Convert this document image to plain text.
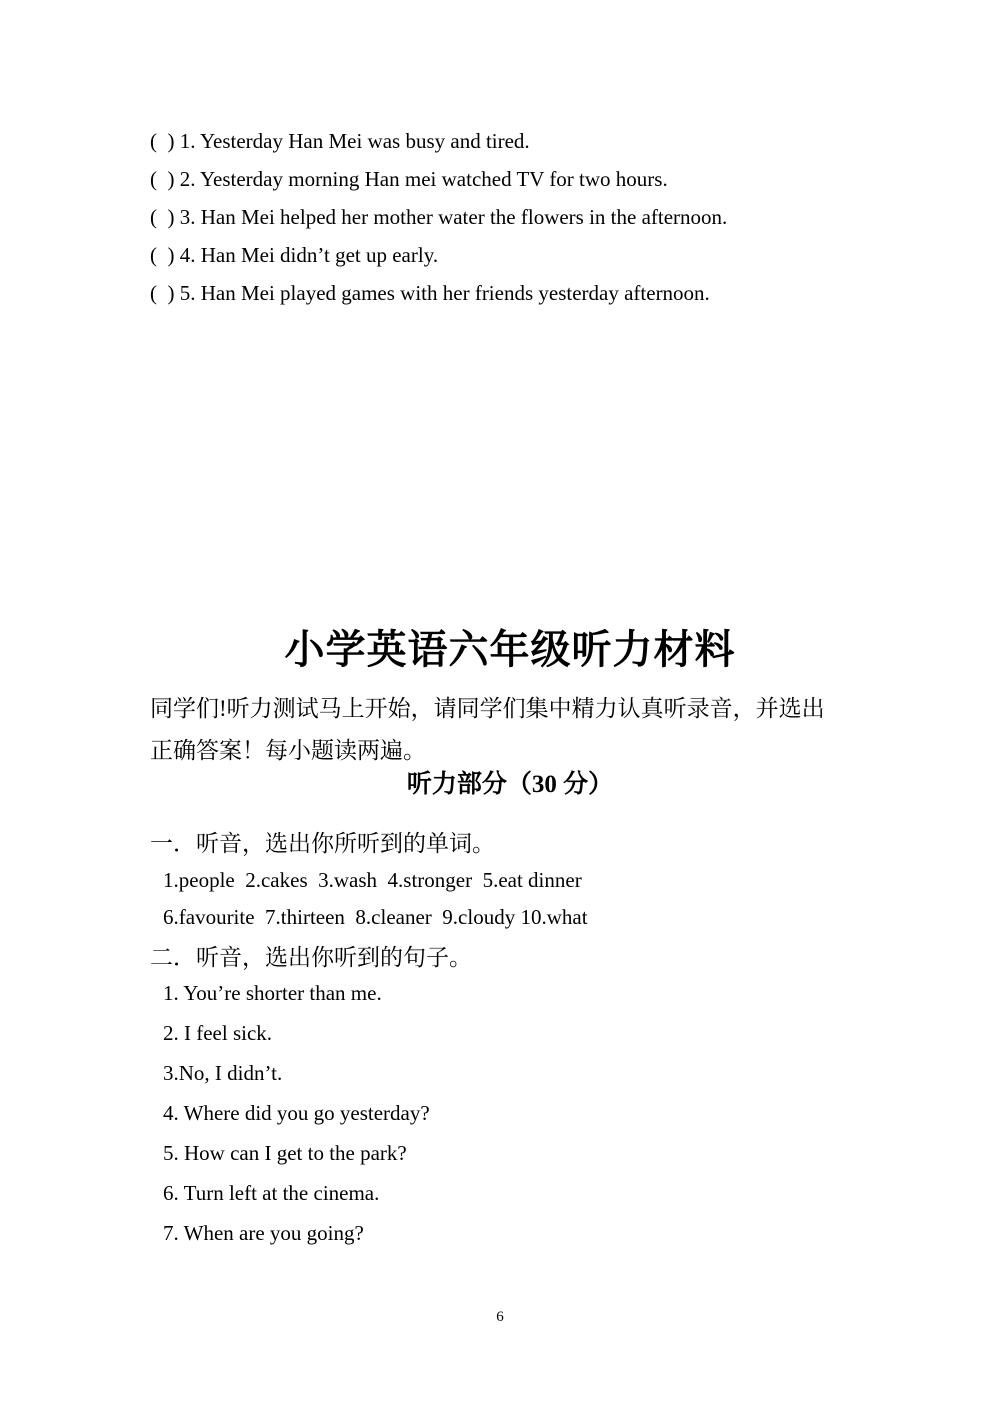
(  ) 1. Yesterday Han Mei was busy and tired.
(  ) 2. Yesterday morning Han mei watched TV for two hours.
(  ) 3. Han Mei helped her mother water the flowers in the afternoon.
(  ) 4. Han Mei didn’t get up early.
(  ) 5. Han Mei played games with her friends yesterday afternoon.
小学英语六年级听力材料
同学们!听力测试马上开始，请同学们集中精力认真听录音，并选出
正确答案！每小题读两遍。
听力部分（30 分）
一．听音，选出你所听到的单词。
1.people  2.cakes  3.wash  4.stronger  5.eat dinner
6.favourite  7.thirteen  8.cleaner  9.cloudy 10.what
二．听音，选出你听到的句子。
1. You’re shorter than me.
2. I feel sick.
3.No, I didn’t.
4. Where did you go yesterday?
5. How can I get to the park?
6. Turn left at the cinema.
7. When are you going?
6
